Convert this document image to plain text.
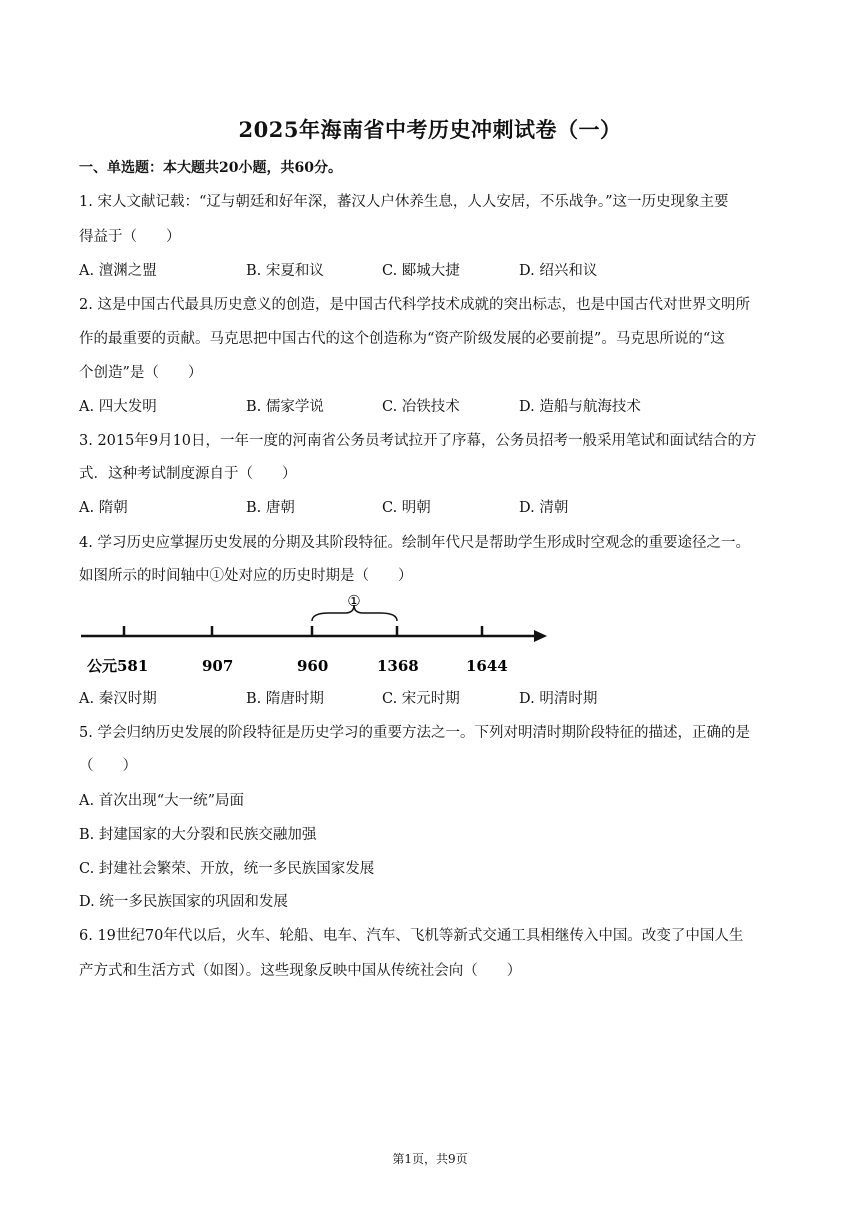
2025年海南省中考历史冲刺试卷（一）
一、单选题：本大题共20小题，共60分。
1. 宋人文献记载：“辽与朝廷和好年深，蕃汉人户休养生息，人人安居，不乐战争。”这一历史现象主要
得益于（　　）
A. 澶渊之盟	B. 宋夏和议	C. 郾城大捷	D. 绍兴和议
2. 这是中国古代最具历史意义的创造，是中国古代科学技术成就的突出标志，也是中国古代对世界文明所
作的最重要的贡献。马克思把中国古代的这个创造称为“资产阶级发展的必要前提”。马克思所说的“这
个创造”是（　　）
A. 四大发明	B. 儒家学说	C. 冶铁技术	D. 造船与航海技术
3. 2015年9月10日，一年一度的河南省公务员考试拉开了序幕，公务员招考一般采用笔试和面试结合的方
式．这种考试制度源自于（　　）
A. 隋朝	B. 唐朝	C. 明朝	D. 清朝
4. 学习历史应掌握历史发展的分期及其阶段特征。绘制年代尺是帮助学生形成时空观念的重要途径之一。
如图所示的时间轴中①处对应的历史时期是（　　）
①
公元581	907	960	1368	1644
A. 秦汉时期	B. 隋唐时期	C. 宋元时期	D. 明清时期
5. 学会归纳历史发展的阶段特征是历史学习的重要方法之一。下列对明清时期阶段特征的描述，正确的是
（　　）
A. 首次出现“大一统”局面
B. 封建国家的大分裂和民族交融加强
C. 封建社会繁荣、开放，统一多民族国家发展
D. 统一多民族国家的巩固和发展
6. 19世纪70年代以后，火车、轮船、电车、汽车、飞机等新式交通工具相继传入中国。改变了中国人生
产方式和生活方式（如图）。这些现象反映中国从传统社会向（　　）
第1页，共9页
